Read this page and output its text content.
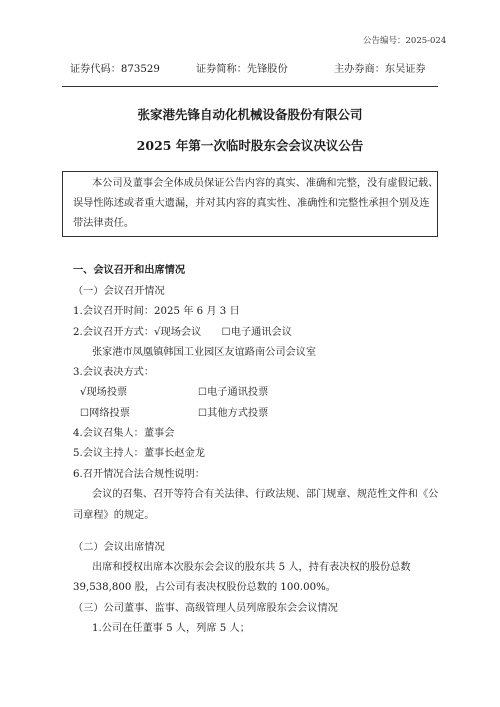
公告编号：2025-024
证券代码：873529	证券简称：先锋股份	主办券商：东吴证券
张家港先锋自动化机械设备股份有限公司
2025 年第一次临时股东会会议决议公告
本公司及董事会全体成员保证公告内容的真实、准确和完整，没有虚假记载、
误导性陈述或者重大遗漏，并对其内容的真实性、准确性和完整性承担个别及连
带法律责任。
一、会议召开和出席情况
（一）会议召开情况
1.会议召开时间：2025 年 6 月 3 日
2.会议召开方式：√现场会议　　☐电子通讯会议
张家港市凤凰镇韩国工业园区友谊路南公司会议室
3.会议表决方式：
√现场投票	☐电子通讯投票
☐网络投票	☐其他方式投票
4.会议召集人：董事会
5.会议主持人：董事长赵金龙
6.召开情况合法合规性说明：
会议的召集、召开等符合有关法律、行政法规、部门规章、规范性文件和《公
司章程》的规定。
（二）会议出席情况
出席和授权出席本次股东会会议的股东共 5 人，持有表决权的股份总数
39,538,800 股，占公司有表决权股份总数的 100.00%。
（三）公司董事、监事、高级管理人员列席股东会会议情况
1.公司在任董事 5 人，列席 5 人；
